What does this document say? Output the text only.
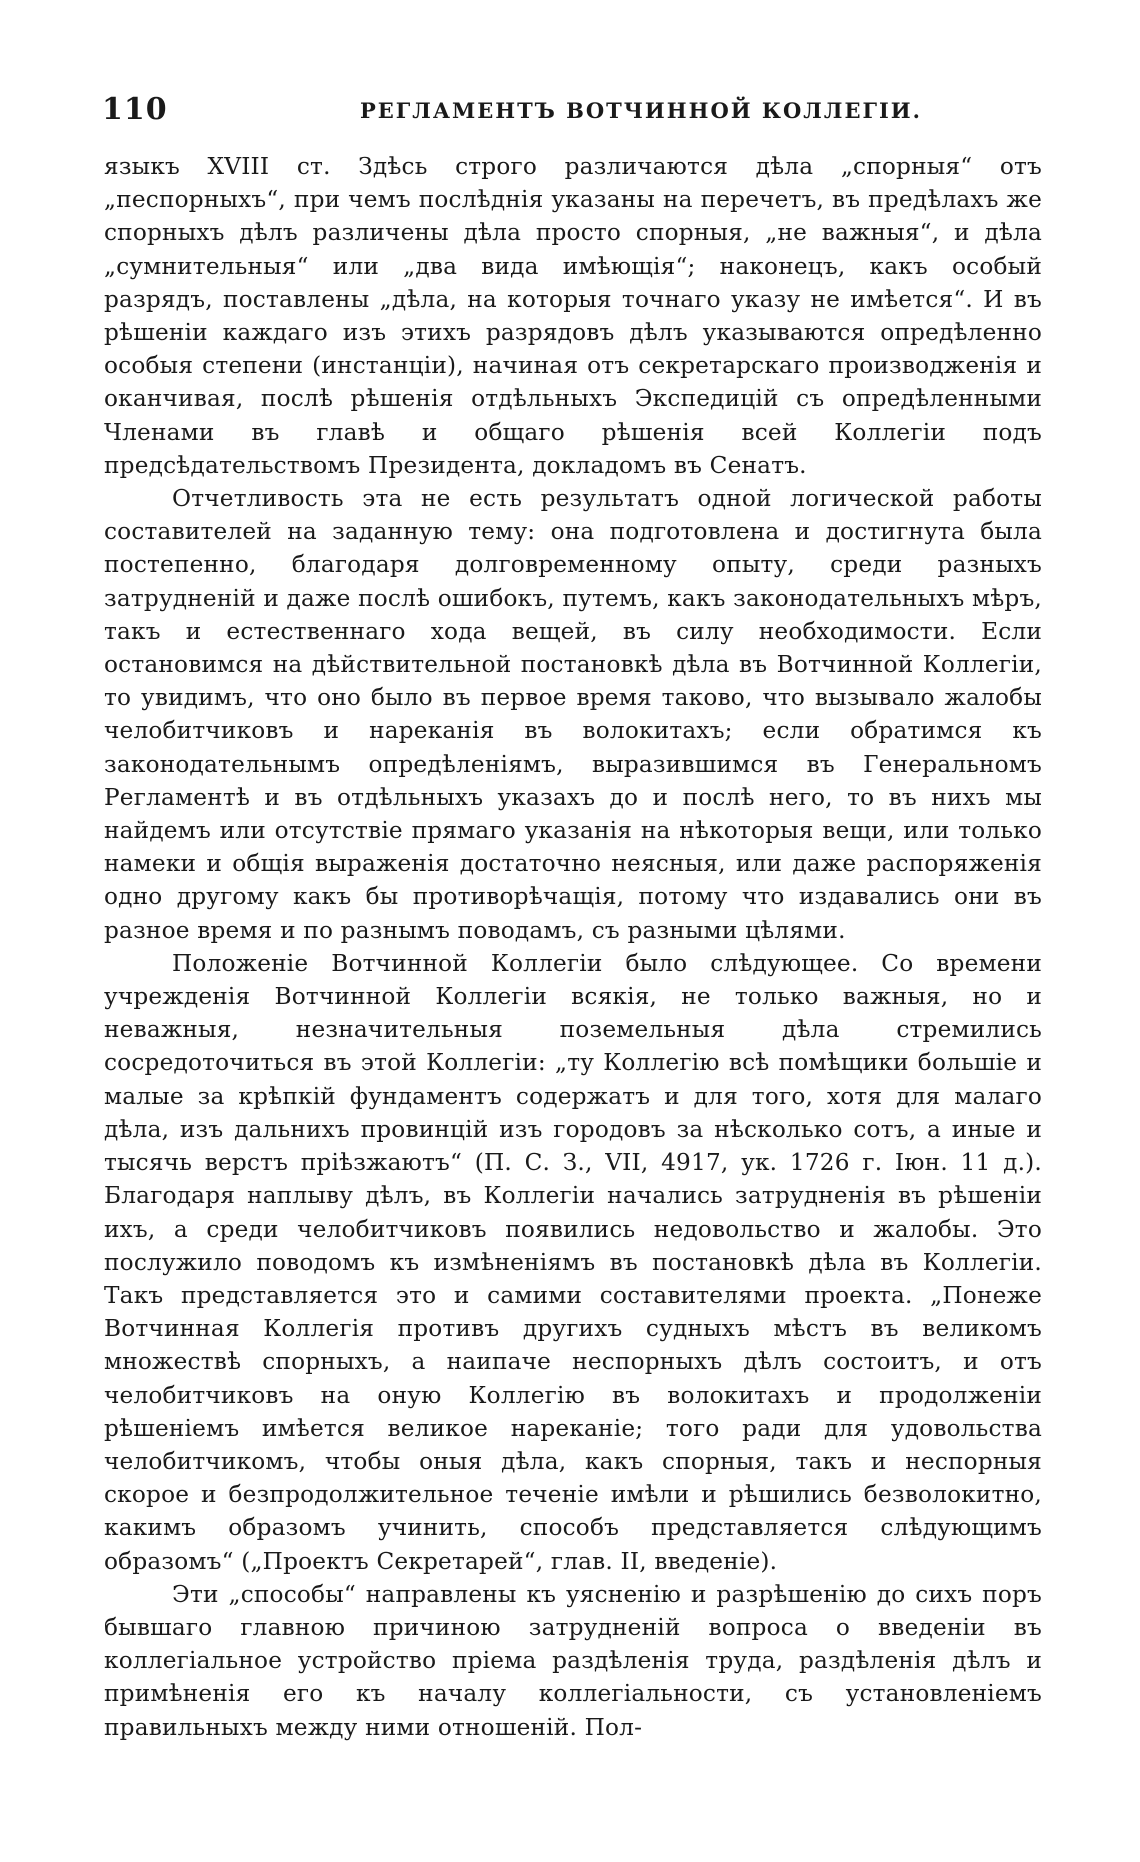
110	РЕГЛАМЕНТЪ ВОТЧИННОЙ КОЛЛЕГІИ.

языкъ XVIII ст. Здѣсь строго различаются дѣла „спорныя“ отъ „песпорныхъ“, при чемъ послѣднія указаны на перечетъ, въ предѣлахъ же спорныхъ дѣлъ различены дѣла просто спорныя, „не важныя“, и дѣла „сумнительныя“ или „два вида имѣющія“; наконецъ, какъ особый разрядъ, поставлены „дѣла, на которыя точнаго указу не имѣется“. И въ рѣшеніи каждаго изъ этихъ разрядовъ дѣлъ указываются опредѣленно особыя степени (инстанціи), начиная отъ секретарскаго производженія и оканчивая, послѣ рѣшенія отдѣльныхъ Экспедицій съ опредѣленными Членами въ главѣ и общаго рѣшенія всей Коллегіи подъ предсѣдательствомъ Президента, докладомъ въ Сенатъ.

Отчетливость эта не есть результатъ одной логической работы составителей на заданную тему: она подготовлена и достигнута была постепенно, благодаря долговременному опыту, среди разныхъ затрудненій и даже послѣ ошибокъ, путемъ, какъ законодательныхъ мѣръ, такъ и естественнаго хода вещей, въ силу необходимости. Если остановимся на дѣйствительной постановкѣ дѣла въ Вотчинной Коллегіи, то увидимъ, что оно было въ первое время таково, что вызывало жалобы челобитчиковъ и нареканія въ волокитахъ; если обратимся къ законодательнымъ опредѣленіямъ, выразившимся въ Генеральномъ Регламентѣ и въ отдѣльныхъ указахъ до и послѣ него, то въ нихъ мы найдемъ или отсутствіе прямаго указанія на нѣкоторыя вещи, или только намеки и общія выраженія достаточно неясныя, или даже распоряженія одно другому какъ бы противорѣчащія, потому что издавались они въ разное время и по разнымъ поводамъ, съ разными цѣлями.

Положеніе Вотчинной Коллегіи было слѣдующее. Со времени учрежденія Вотчинной Коллегіи всякія, не только важныя, но и неважныя, незначительныя поземельныя дѣла стремились сосредоточиться въ этой Коллегіи: „ту Коллегію всѣ помѣщики большіе и малые за крѣпкій фундаментъ содержатъ и для того, хотя для малаго дѣла, изъ дальнихъ провинцій изъ городовъ за нѣсколько сотъ, а иные и тысячь верстъ пріѣзжаютъ“ (П. С. З., VII, 4917, ук. 1726 г. Іюн. 11 д.). Благодаря наплыву дѣлъ, въ Коллегіи начались затрудненія въ рѣшеніи ихъ, а среди челобитчиковъ появились недовольство и жалобы. Это послужило поводомъ къ измѣненіямъ въ постановкѣ дѣла въ Коллегіи. Такъ представляется это и самими составителями проекта. „Понеже Вотчинная Коллегія противъ другихъ судныхъ мѣстъ въ великомъ множествѣ спорныхъ, а наипаче неспорныхъ дѣлъ состоитъ, и отъ челобитчиковъ на оную Коллегію въ волокитахъ и продолженіи рѣшеніемъ имѣется великое нареканіе; того ради для удовольства челобитчикомъ, чтобы оныя дѣла, какъ спорныя, такъ и неспорныя скорое и безпродолжительное теченіе имѣли и рѣшились безволокитно, какимъ образомъ учинить, способъ представляется слѣдующимъ образомъ“ („Проектъ Секретарей“, глав. II, введеніе).

Эти „способы“ направлены къ уясненію и разрѣшенію до сихъ поръ бывшаго главною причиною затрудненій вопроса о введеніи въ коллегіальное устройство пріема раздѣленія труда, раздѣленія дѣлъ и примѣненія его къ началу коллегіальности, съ установленіемъ правильныхъ между ними отношеній. Пол-
